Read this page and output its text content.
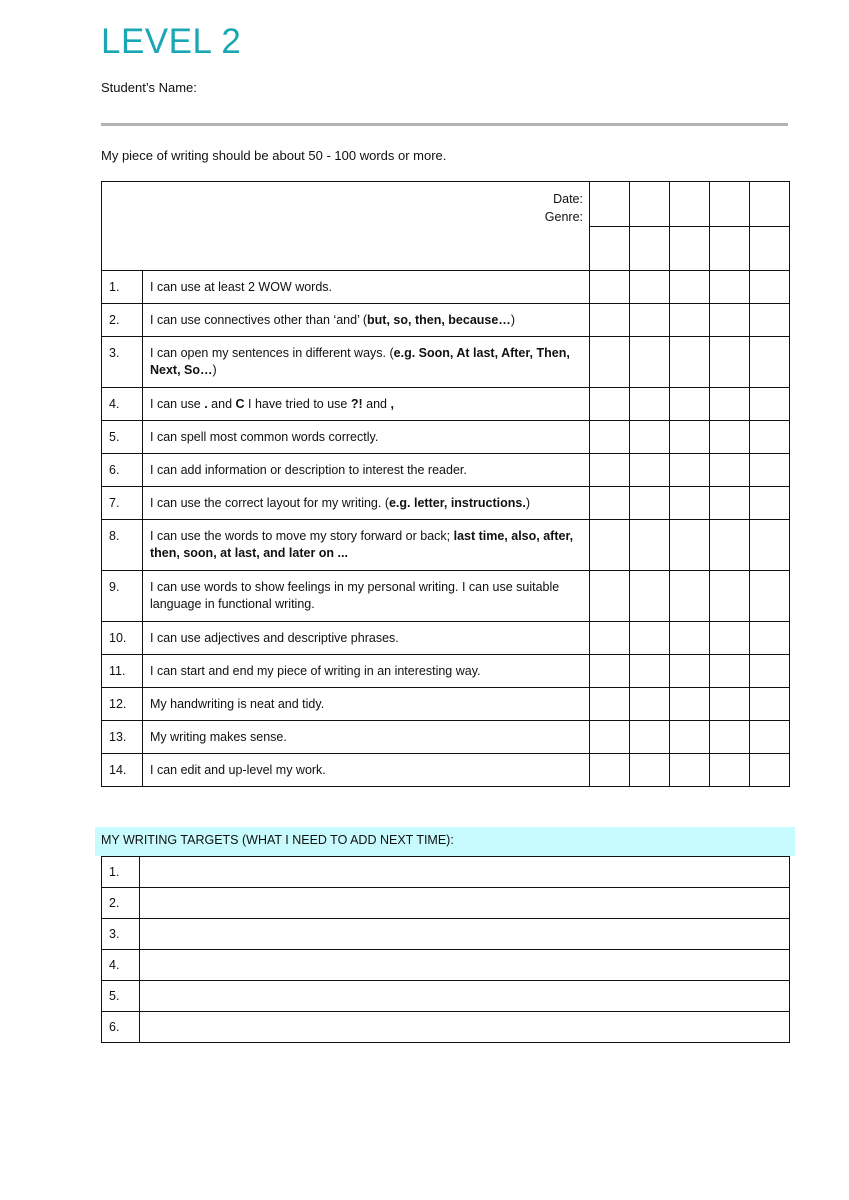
LEVEL 2
Student’s Name:
My piece of writing should be about 50 - 100 words or more.
Date:
Genre:						

1.	I can use at least 2 WOW words.					
2.	I can use connectives other than ‘and’ (but, so, then, because…)					
3.	I can open my sentences in different ways. (e.g. Soon, At last, After, Then, Next, So…)					
4.	I can use . and C I have tried to use ?! and ,					
5.	I can spell most common words correctly.					
6.	I can add information or description to interest the reader.					
7.	I can use the correct layout for my writing. (e.g. letter, instructions.)					
8.	I can use the words to move my story forward or back; last time, also, after, then, soon, at last, and later on ...					
9.	I can use words to show feelings in my personal writing. I can use suitable language in functional writing.					
10.	I can use adjectives and descriptive phrases.					
11.	I can start and end my piece of writing in an interesting way.					
12.	My handwriting is neat and tidy.					
13.	My writing makes sense.					
14.	I can edit and up-level my work.					
MY WRITING TARGETS (WHAT I NEED TO ADD NEXT TIME):
1.	
2.	
3.	
4.	
5.	
6.	
